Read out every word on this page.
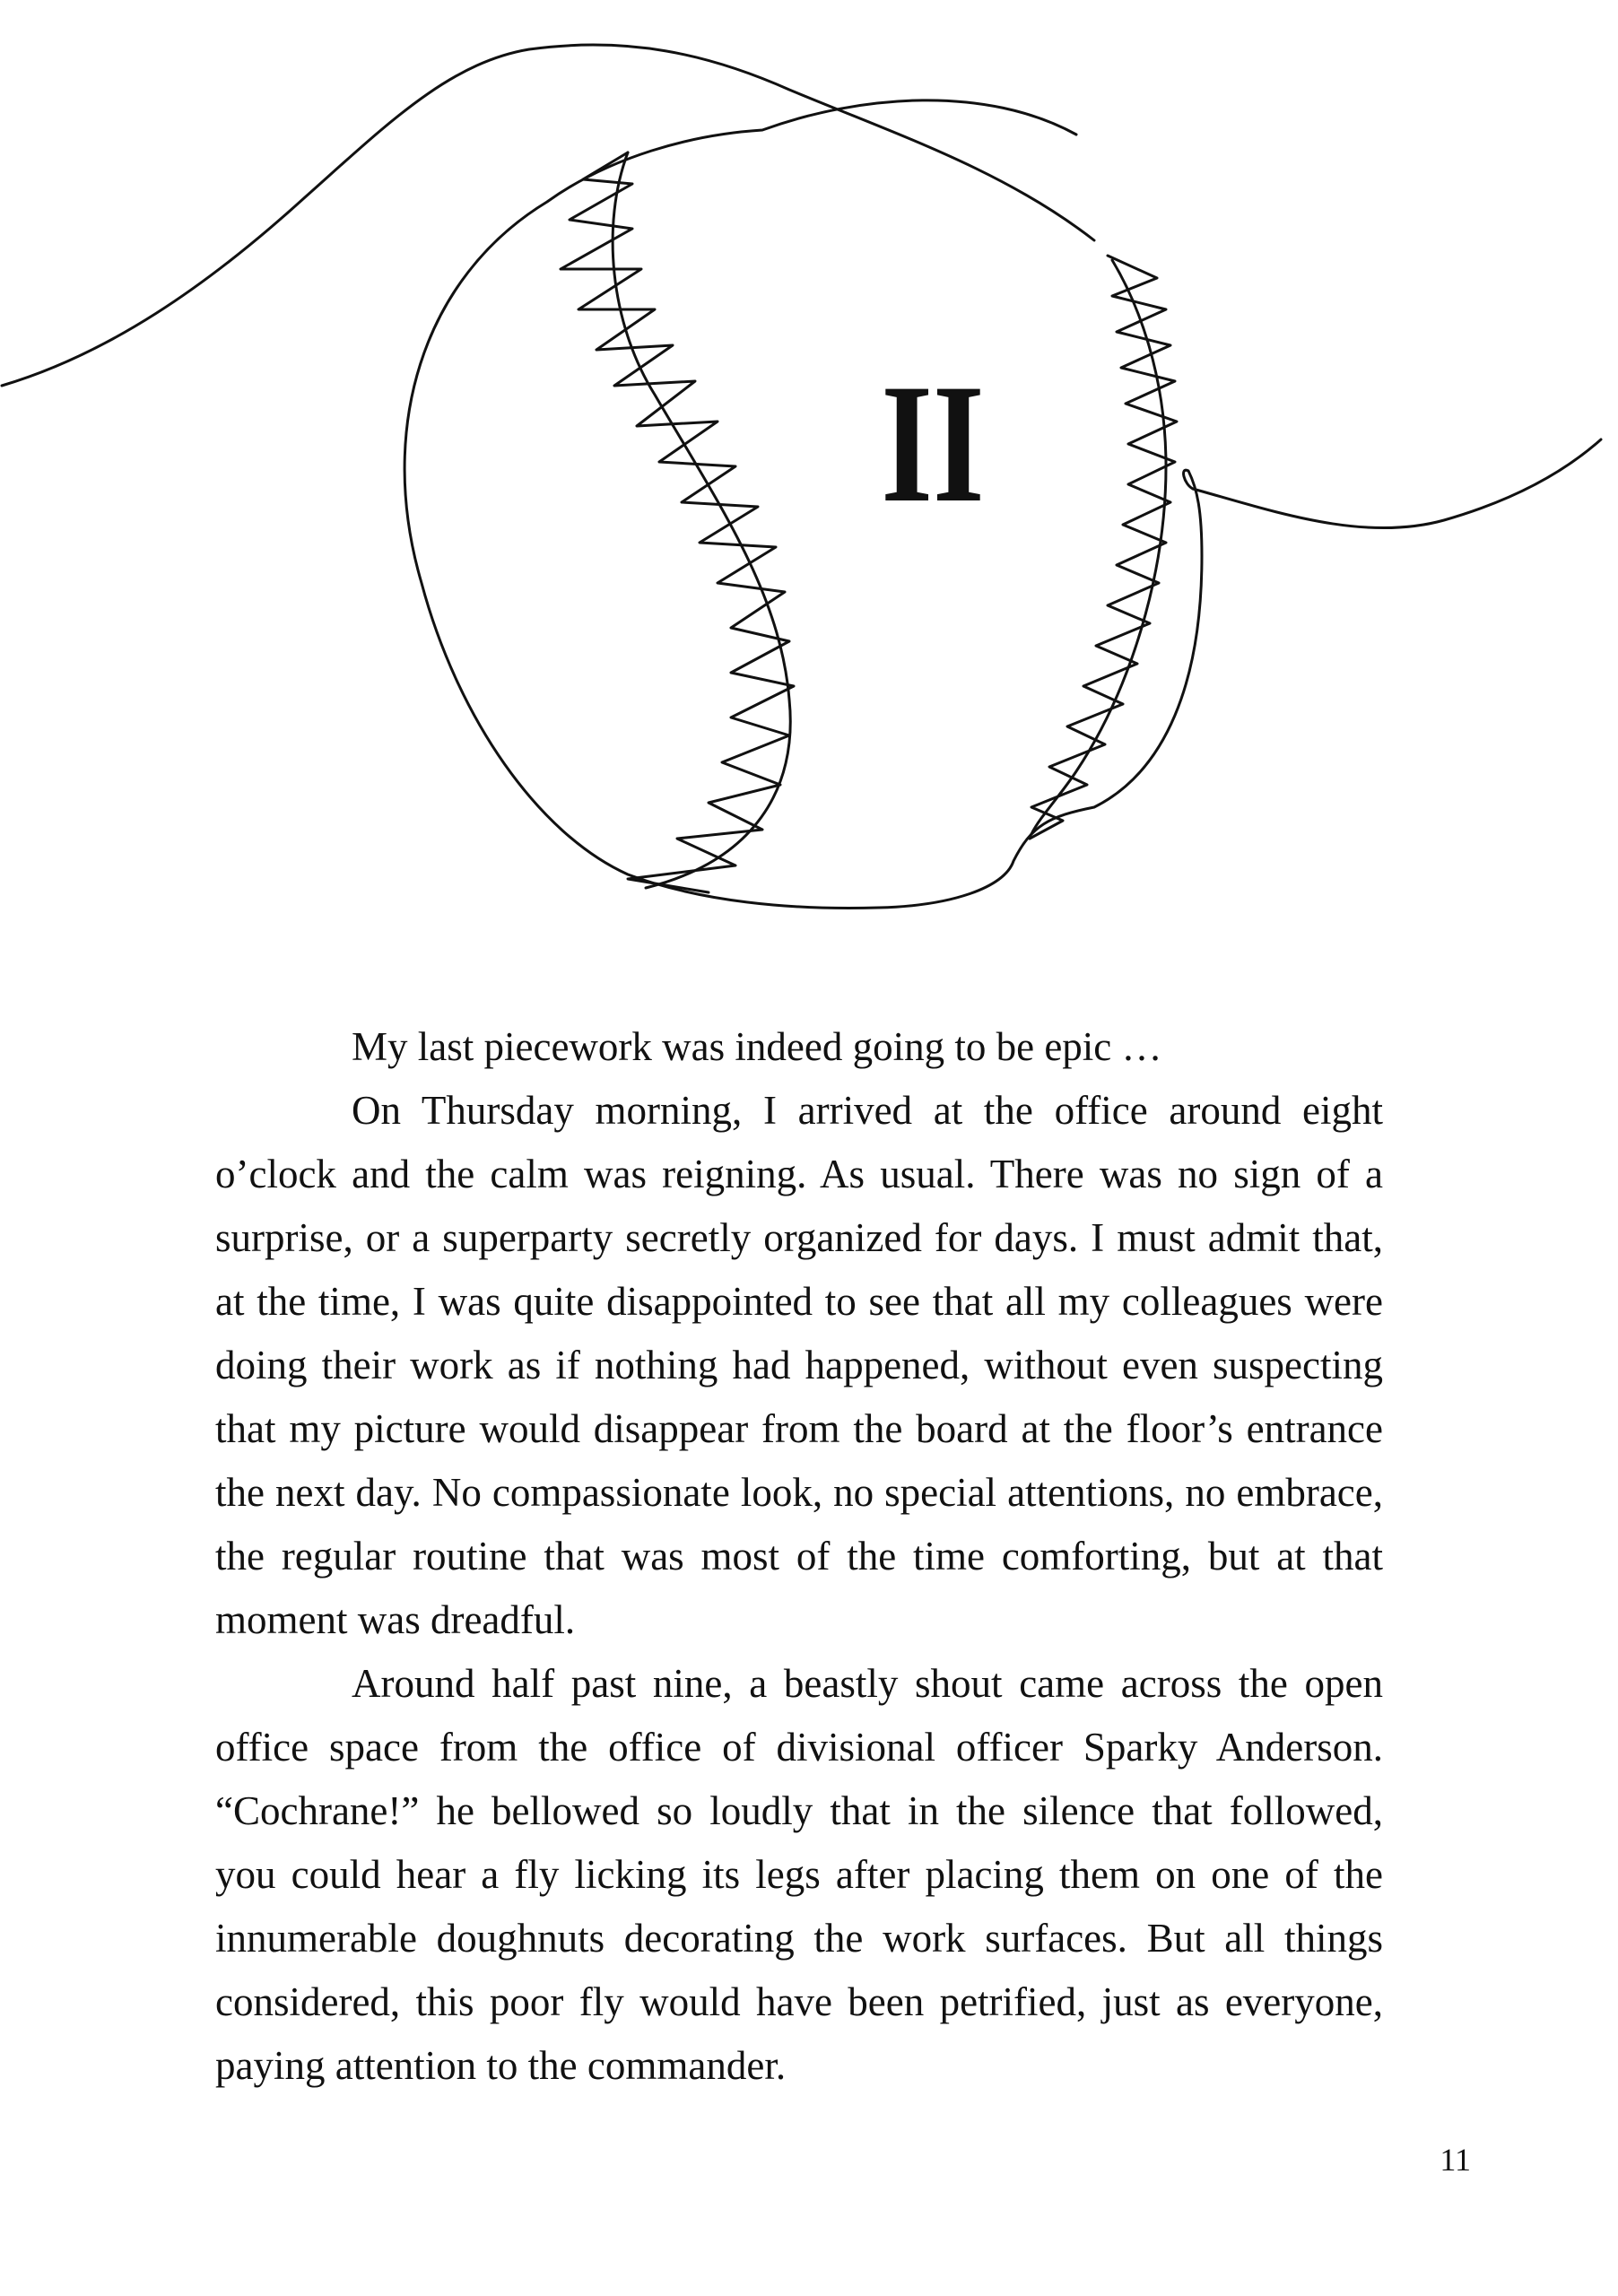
II

My last piecework was indeed going to be epic …

On Thursday morning, I arrived at the office around eight o’clock and the calm was reigning. As usual. There was no sign of a surprise, or a superparty secretly organized for days. I must admit that, at the time, I was quite disappointed to see that all my colleagues were doing their work as if nothing had happened, without even suspecting that my picture would disappear from the board at the floor’s entrance the next day. No compassionate look, no special attentions, no embrace, the regular routine that was most of the time comforting, but at that moment was dreadful.

Around half past nine, a beastly shout came across the open office space from the office of divisional officer Sparky Anderson. “Cochrane!” he bellowed so loudly that in the silence that followed, you could hear a fly licking its legs after placing them on one of the innumerable doughnuts decorating the work surfaces. But all things considered, this poor fly would have been petrified, just as everyone, paying attention to the commander.

11
